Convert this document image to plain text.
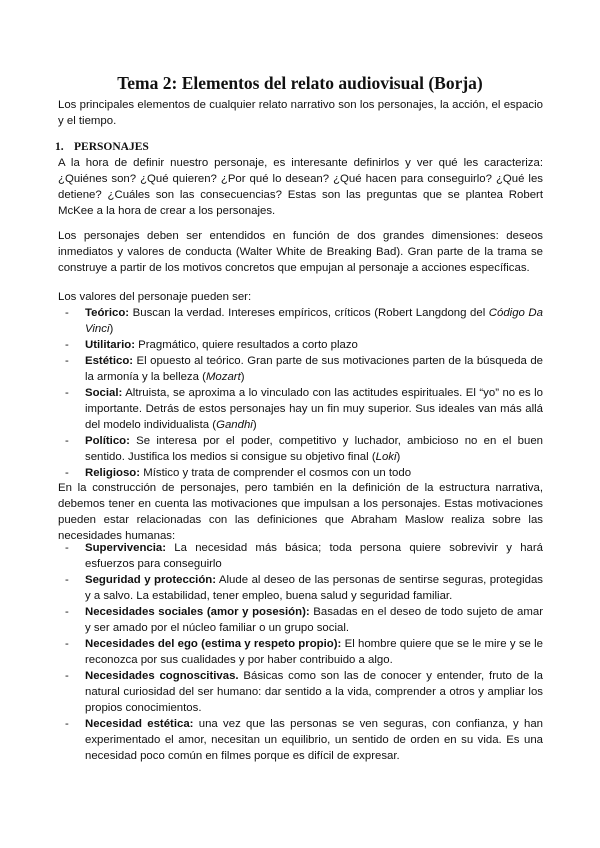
Tema 2: Elementos del relato audiovisual (Borja)
Los principales elementos de cualquier relato narrativo son los personajes, la acción, el espacio y el tiempo.
1. PERSONAJES
A la hora de definir nuestro personaje, es interesante definirlos y ver qué les caracteriza: ¿Quiénes son? ¿Qué quieren? ¿Por qué lo desean? ¿Qué hacen para conseguirlo? ¿Qué les detiene? ¿Cuáles son las consecuencias? Estas son las preguntas que se plantea Robert McKee a la hora de crear a los personajes.
Los personajes deben ser entendidos en función de dos grandes dimensiones: deseos inmediatos y valores de conducta (Walter White de Breaking Bad). Gran parte de la trama se construye a partir de los motivos concretos que empujan al personaje a acciones específicas.
Los valores del personaje pueden ser:
- Teórico: Buscan la verdad. Intereses empíricos, críticos (Robert Langdong del Código Da Vinci)
- Utilitario: Pragmático, quiere resultados a corto plazo
- Estético: El opuesto al teórico. Gran parte de sus motivaciones parten de la búsqueda de la armonía y la belleza (Mozart)
- Social: Altruista, se aproxima a lo vinculado con las actitudes espirituales. El “yo” no es lo importante. Detrás de estos personajes hay un fin muy superior. Sus ideales van más allá del modelo individualista (Gandhi)
- Político: Se interesa por el poder, competitivo y luchador, ambicioso no en el buen sentido. Justifica los medios si consigue su objetivo final (Loki)
- Religioso: Místico y trata de comprender el cosmos con un todo
En la construcción de personajes, pero también en la definición de la estructura narrativa, debemos tener en cuenta las motivaciones que impulsan a los personajes. Estas motivaciones pueden estar relacionadas con las definiciones que Abraham Maslow realiza sobre las necesidades humanas:
- Supervivencia: La necesidad más básica; toda persona quiere sobrevivir y hará esfuerzos para conseguirlo
- Seguridad y protección: Alude al deseo de las personas de sentirse seguras, protegidas y a salvo. La estabilidad, tener empleo, buena salud y seguridad familiar.
- Necesidades sociales (amor y posesión): Basadas en el deseo de todo sujeto de amar y ser amado por el núcleo familiar o un grupo social.
- Necesidades del ego (estima y respeto propio): El hombre quiere que se le mire y se le reconozca por sus cualidades y por haber contribuido a algo.
- Necesidades cognoscitivas. Básicas como son las de conocer y entender, fruto de la natural curiosidad del ser humano: dar sentido a la vida, comprender a otros y ampliar los propios conocimientos.
- Necesidad estética: una vez que las personas se ven seguras, con confianza, y han experimentado el amor, necesitan un equilibrio, un sentido de orden en su vida. Es una necesidad poco común en filmes porque es difícil de expresar.
